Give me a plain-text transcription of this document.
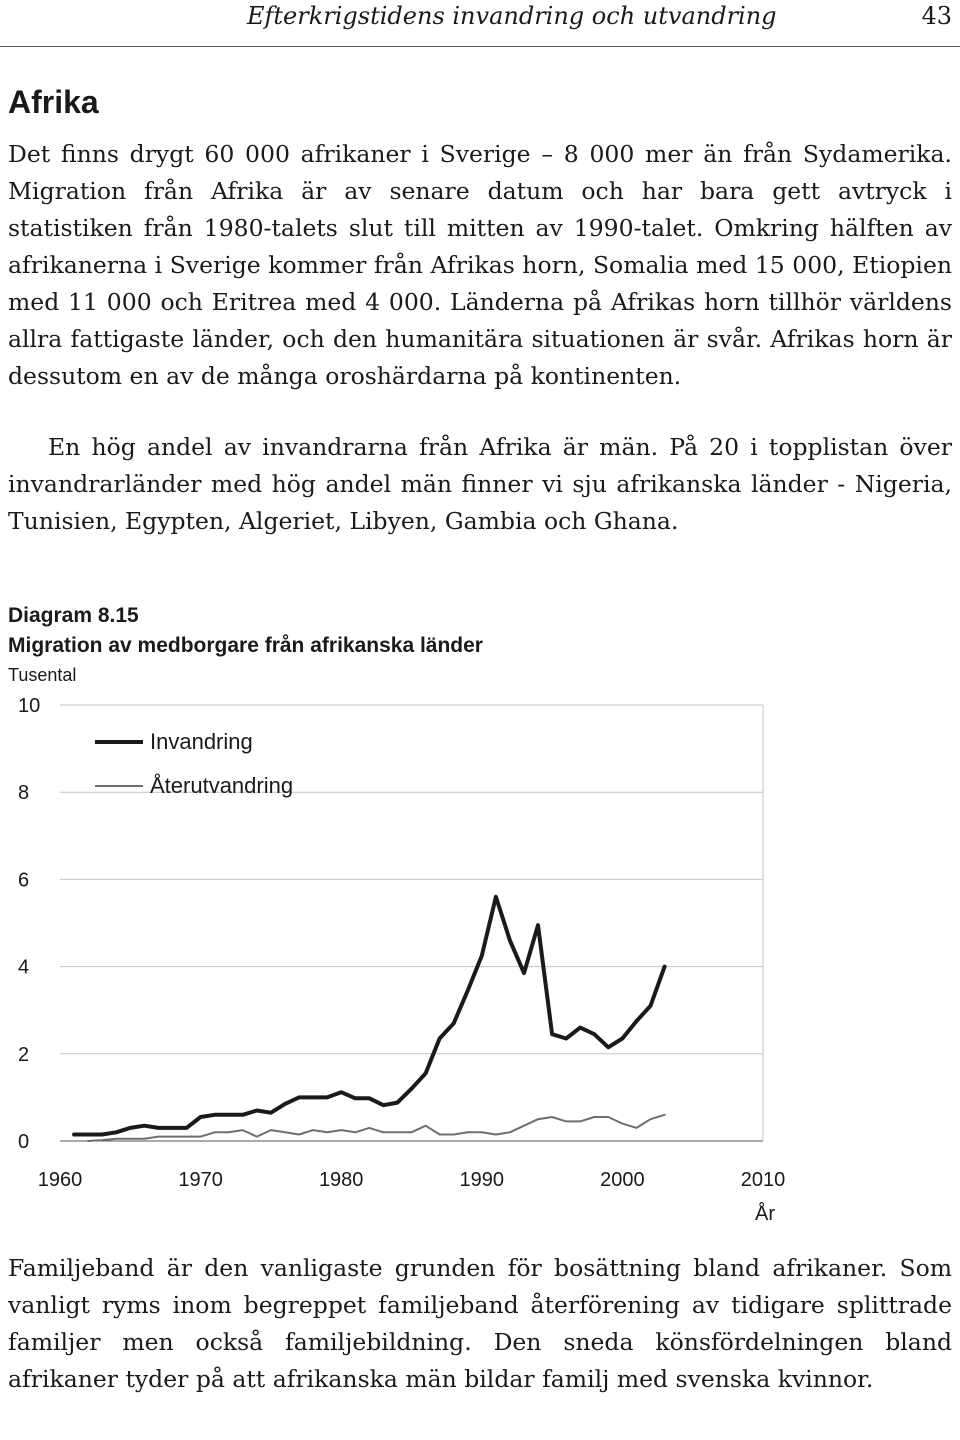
Efterkrigstidens invandring och utvandring	43
Afrika

Det finns drygt 60 000 afrikaner i Sverige – 8 000 mer än från Sydamerika. Migration från Afrika är av senare datum och har bara gett avtryck i statistiken från 1980-talets slut till mitten av 1990-talet. Omkring hälften av afrikanerna i Sverige kommer från Afrikas horn, Somalia med 15 000, Etiopien med 11 000 och Eritrea med 4 000. Länderna på Afrikas horn tillhör världens allra fattigaste länder, och den humanitära situationen är svår. Afrikas horn är dessutom en av de många oroshärdarna på kontinenten.

En hög andel av invandrarna från Afrika är män. På 20 i topplistan över invandrarländer med hög andel män finner vi sju afrikanska länder - Nigeria, Tunisien, Egypten, Algeriet, Libyen, Gambia och Ghana.

Diagram 8.15

Migration av medborgare från afrikanska länder

Tusental
År
0
2
4
6
8
10
1960	1970	1980	1990	2000	2010
Invandring
Återutvandring

Familjeband är den vanligaste grunden för bosättning bland afrikaner. Som vanligt ryms inom begreppet familjeband återförening av tidigare splittrade familjer men också familjebildning. Den sneda könsfördelningen bland afrikaner tyder på att afrikanska män bildar familj med svenska kvinnor.
